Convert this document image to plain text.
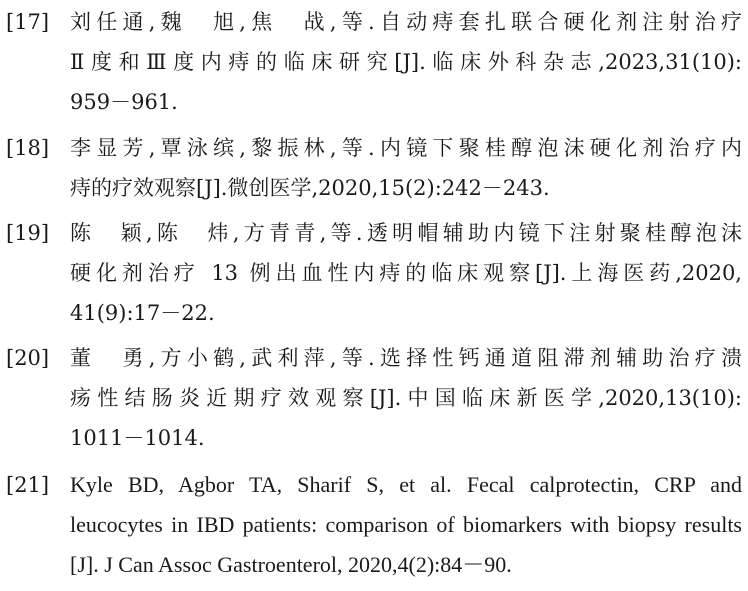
[17] 刘任通,魏　旭,焦　战,等.自动痔套扎联合硬化剂注射治疗
Ⅱ度和Ⅲ度内痔的临床研究[J].临床外科杂志,2023,31(10):
959－961.
[18] 李显芳,覃泳缤,黎振林,等.内镜下聚桂醇泡沫硬化剂治疗内
痔的疗效观察[J].微创医学,2020,15(2):242－243.
[19] 陈　颖,陈　炜,方青青,等.透明帽辅助内镜下注射聚桂醇泡沫
硬化剂治疗 13 例出血性内痔的临床观察[J].上海医药,2020,
41(9):17－22.
[20] 董　勇,方小鹤,武利萍,等.选择性钙通道阻滞剂辅助治疗溃
疡性结肠炎近期疗效观察[J].中国临床新医学,2020,13(10):
1011－1014.
[21] Kyle BD, Agbor TA, Sharif S, et al. Fecal calprotectin, CRP and
leucocytes in IBD patients: comparison of biomarkers with biopsy results
[J]. J Can Assoc Gastroenterol, 2020,4(2):84－90.
